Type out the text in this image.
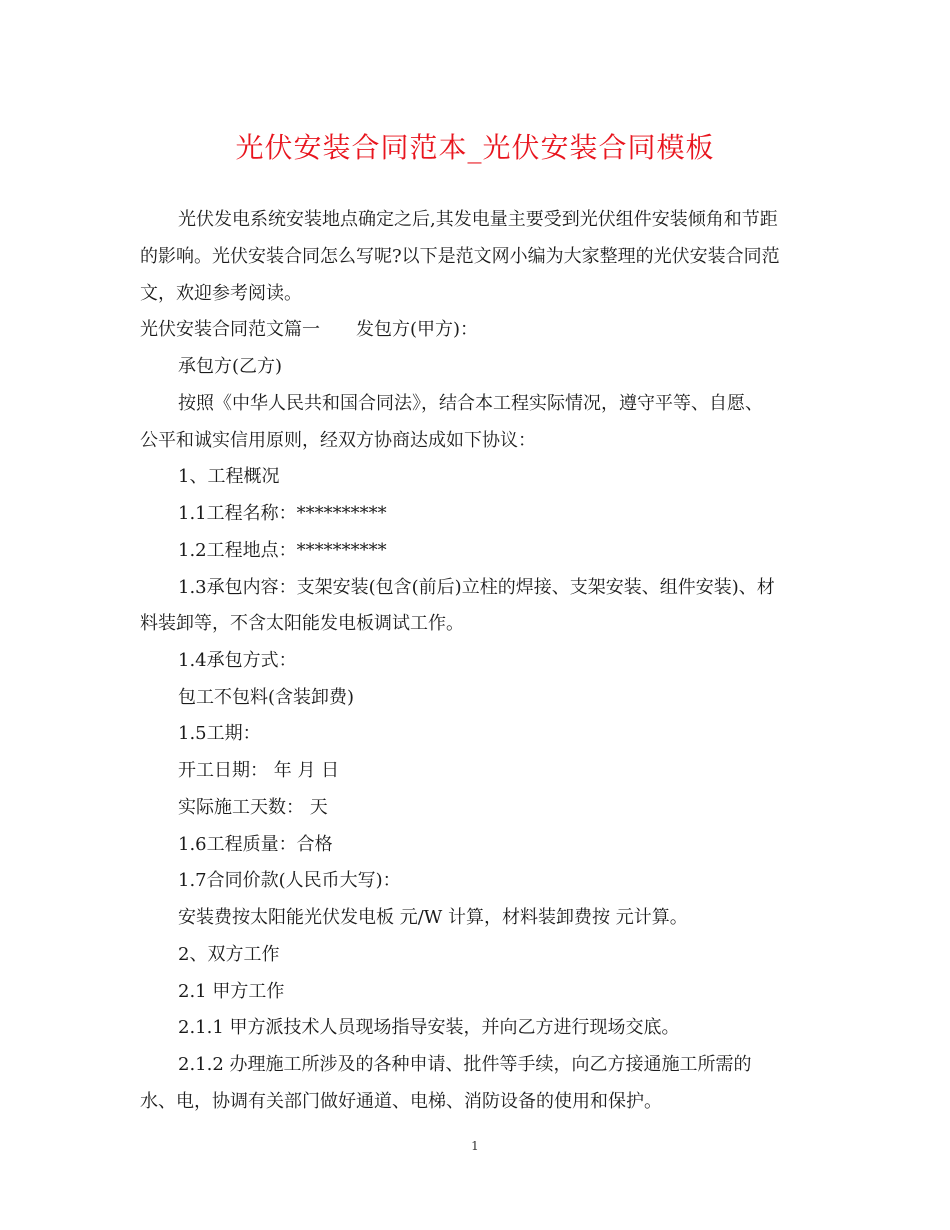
光伏安装合同范本_光伏安装合同模板
光伏发电系统安装地点确定之后,其发电量主要受到光伏组件安装倾角和节距
的影响。光伏安装合同怎么写呢?以下是范文网小编为大家整理的光伏安装合同范
文，欢迎参考阅读。
光伏安装合同范文篇一　　发包方(甲方)：
承包方(乙方)
按照《中华人民共和国合同法》，结合本工程实际情况，遵守平等、自愿、
公平和诚实信用原则，经双方协商达成如下协议：
1、工程概况
1.1工程名称：**********
1.2工程地点：**********
1.3承包内容：支架安装(包含(前后)立柱的焊接、支架安装、组件安装)、材
料装卸等，不含太阳能发电板调试工作。
1.4承包方式：
包工不包料(含装卸费)
1.5工期：
开工日期： 年 月 日
实际施工天数： 天
1.6工程质量：合格
1.7合同价款(人民币大写)：
安装费按太阳能光伏发电板 元/W 计算，材料装卸费按 元计算。
2、双方工作
2.1 甲方工作
2.1.1 甲方派技术人员现场指导安装，并向乙方进行现场交底。
2.1.2 办理施工所涉及的各种申请、批件等手续，向乙方接通施工所需的
水、电，协调有关部门做好通道、电梯、消防设备的使用和保护。
1
